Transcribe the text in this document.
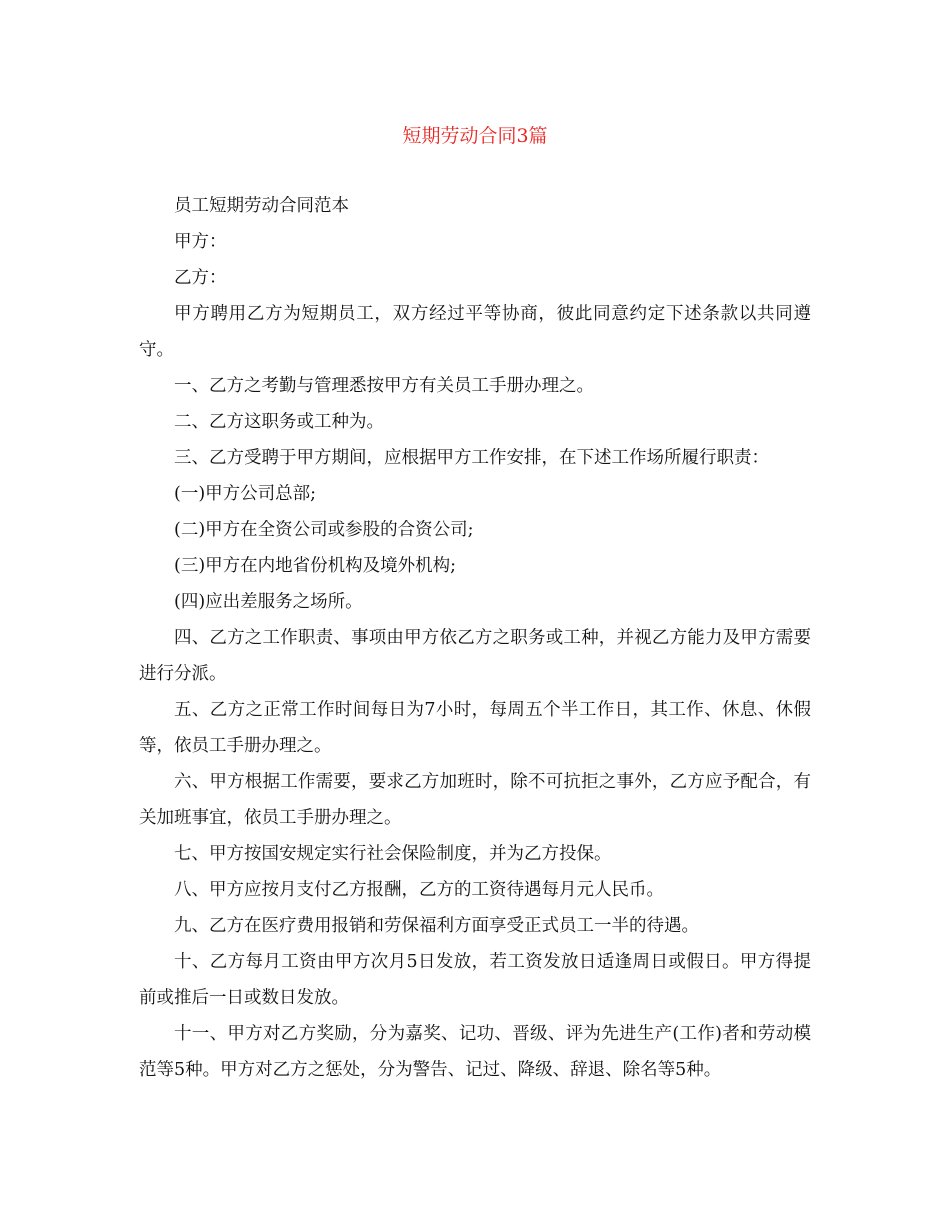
短期劳动合同3篇

员工短期劳动合同范本

甲方：

乙方：

甲方聘用乙方为短期员工，双方经过平等协商，彼此同意约定下述条款以共同遵守。

一、乙方之考勤与管理悉按甲方有关员工手册办理之。

二、乙方这职务或工种为。

三、乙方受聘于甲方期间，应根据甲方工作安排，在下述工作场所履行职责：

(一)甲方公司总部;

(二)甲方在全资公司或参股的合资公司;

(三)甲方在内地省份机构及境外机构;

(四)应出差服务之场所。

四、乙方之工作职责、事项由甲方依乙方之职务或工种，并视乙方能力及甲方需要进行分派。

五、乙方之正常工作时间每日为7小时，每周五个半工作日，其工作、休息、休假等，依员工手册办理之。

六、甲方根据工作需要，要求乙方加班时，除不可抗拒之事外，乙方应予配合，有关加班事宜，依员工手册办理之。

七、甲方按国安规定实行社会保险制度，并为乙方投保。

八、甲方应按月支付乙方报酬，乙方的工资待遇每月元人民币。

九、乙方在医疗费用报销和劳保福利方面享受正式员工一半的待遇。

十、乙方每月工资由甲方次月5日发放，若工资发放日适逢周日或假日。甲方得提前或推后一日或数日发放。

十一、甲方对乙方奖励，分为嘉奖、记功、晋级、评为先进生产(工作)者和劳动模范等5种。甲方对乙方之惩处，分为警告、记过、降级、辞退、除名等5种。
